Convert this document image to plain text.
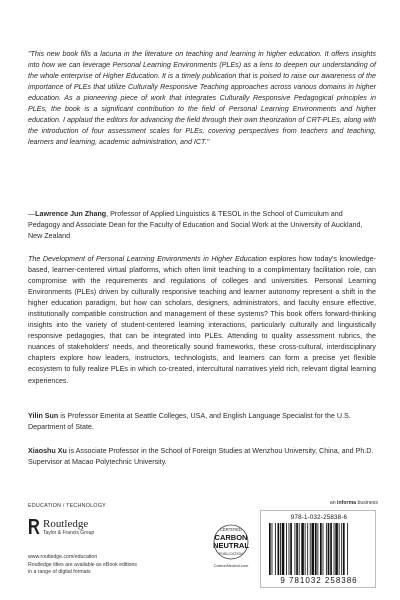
"This new book fills a lacuna in the literature on teaching and learning in higher education. It offers insights into how we can leverage Personal Learning Environments (PLEs) as a lens to deepen our understanding of the whole enterprise of Higher Education. It is a timely publication that is poised to raise our awareness of the importance of PLEs that utilize Culturally Responsive Teaching approaches across various domains in higher education. As a pioneering piece of work that integrates Culturally Responsive Pedagogical principles in PLEs, the book is a significant contribution to the field of Personal Learning Environments and higher education. I applaud the editors for advancing the field through their own theorization of CRT-PLEs, along with the introduction of four assessment scales for PLEs, covering perspectives from teachers and teaching, learners and learning, academic administration, and ICT."
—Lawrence Jun Zhang, Professor of Applied Linguistics & TESOL in the School of Curriculum and Pedagogy and Associate Dean for the Faculty of Education and Social Work at the University of Auckland, New Zealand
The Development of Personal Learning Environments in Higher Education explores how today's knowledge-based, learner-centered virtual platforms, which often limit teaching to a complimentary facilitation role, can compromise with the requirements and regulations of colleges and universities. Personal Learning Environments (PLEs) driven by culturally responsive teaching and learner autonomy represent a shift in the higher education paradigm, but how can scholars, designers, administrators, and faculty ensure effective, institutionally compatible construction and management of these systems? This book offers forward-thinking insights into the variety of student-centered learning interactions, particularly culturally and linguistically responsive pedagogies, that can be integrated into PLEs. Attending to quality assessment rubrics, the nuances of stakeholders' needs, and theoretically sound frameworks, these cross-cultural, interdisciplinary chapters explore how leaders, instructors, technologists, and learners can form a precise yet flexible ecosystem to fully realize PLEs in which co-created, intercultural narratives yield rich, relevant digital learning experiences.
Yilin Sun is Professor Emerita at Seattle Colleges, USA, and English Language Specialist for the U.S. Department of State.
Xiaoshu Xu is Associate Professor in the School of Foreign Studies at Wenzhou University, China, and Ph.D. Supervisor at Macao Polytechnic University.
EDUCATION / TECHNOLOGY
Routledge
Taylor & Francis Group
www.routledge.com/education
Routledge titles are available as eBook editions
in a range of digital formats
CERTIFIED
CARBON
NEUTRAL
PUBLICATION
CarbonNeutral.com
an informa business
978-1-032-25838-6
9 781032 258386
